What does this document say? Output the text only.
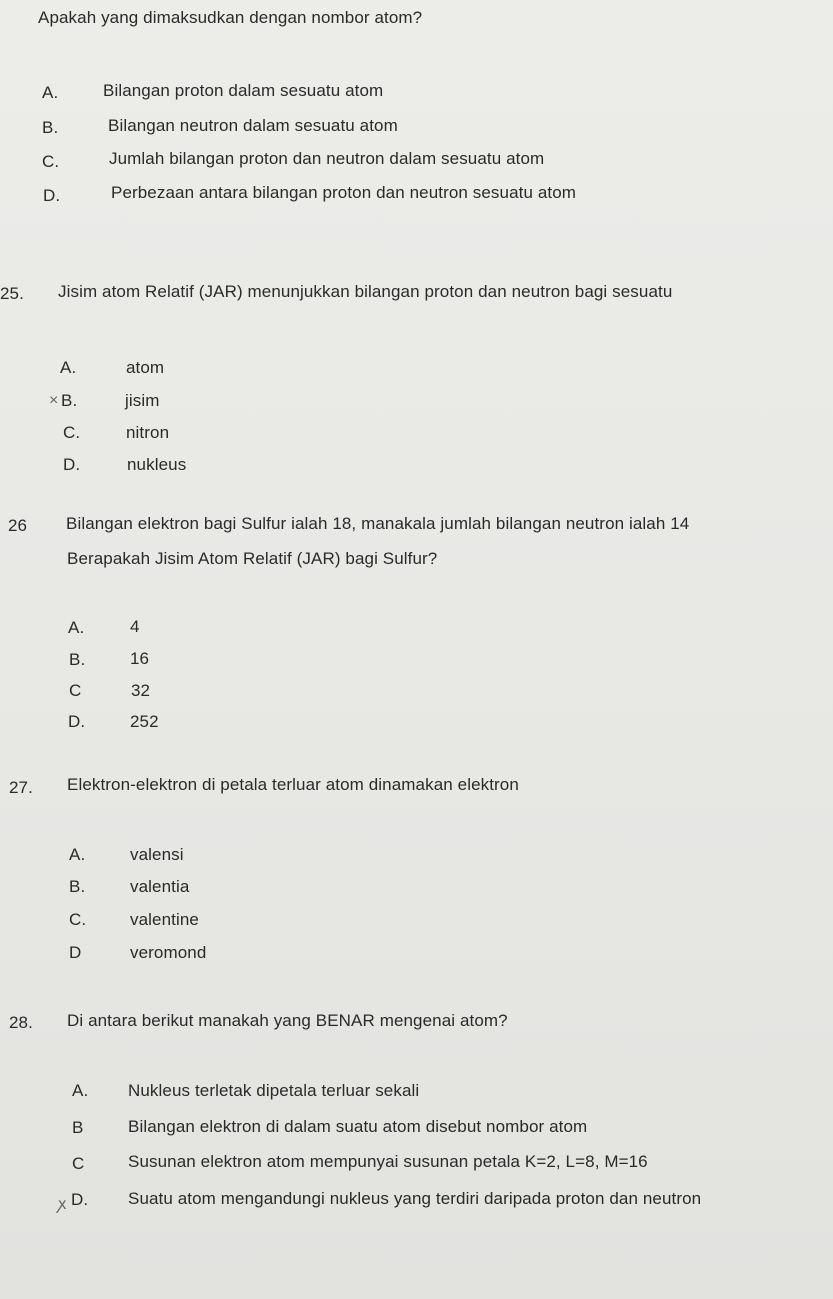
Apakah yang dimaksudkan dengan nombor atom?
A.	Bilangan proton dalam sesuatu atom
B.	Bilangan neutron dalam sesuatu atom
C.	Jumlah bilangan proton dan neutron dalam sesuatu atom
D.	Perbezaan antara bilangan proton dan neutron sesuatu atom
25. Jisim atom Relatif (JAR) menunjukkan bilangan proton dan neutron bagi sesuatu
A.	atom
× B.	jisim
C.	nitron
D.	nukleus
26 Bilangan elektron bagi Sulfur ialah 18, manakala jumlah bilangan neutron ialah 14
Berapakah Jisim Atom Relatif (JAR) bagi Sulfur?
A.	4
B.	16
C	32
D.	252
27. Elektron-elektron di petala terluar atom dinamakan elektron
A.	valensi
B.	valentia
C.	valentine
D	veromond
28. Di antara berikut manakah yang BENAR mengenai atom?
A. Nukleus terletak dipetala terluar sekali
B	Bilangan elektron di dalam suatu atom disebut nombor atom
C	Susunan elektron atom mempunyai susunan petala K=2, L=8, M=16
ꭗ D. Suatu atom mengandungi nukleus yang terdiri daripada proton dan neutron
